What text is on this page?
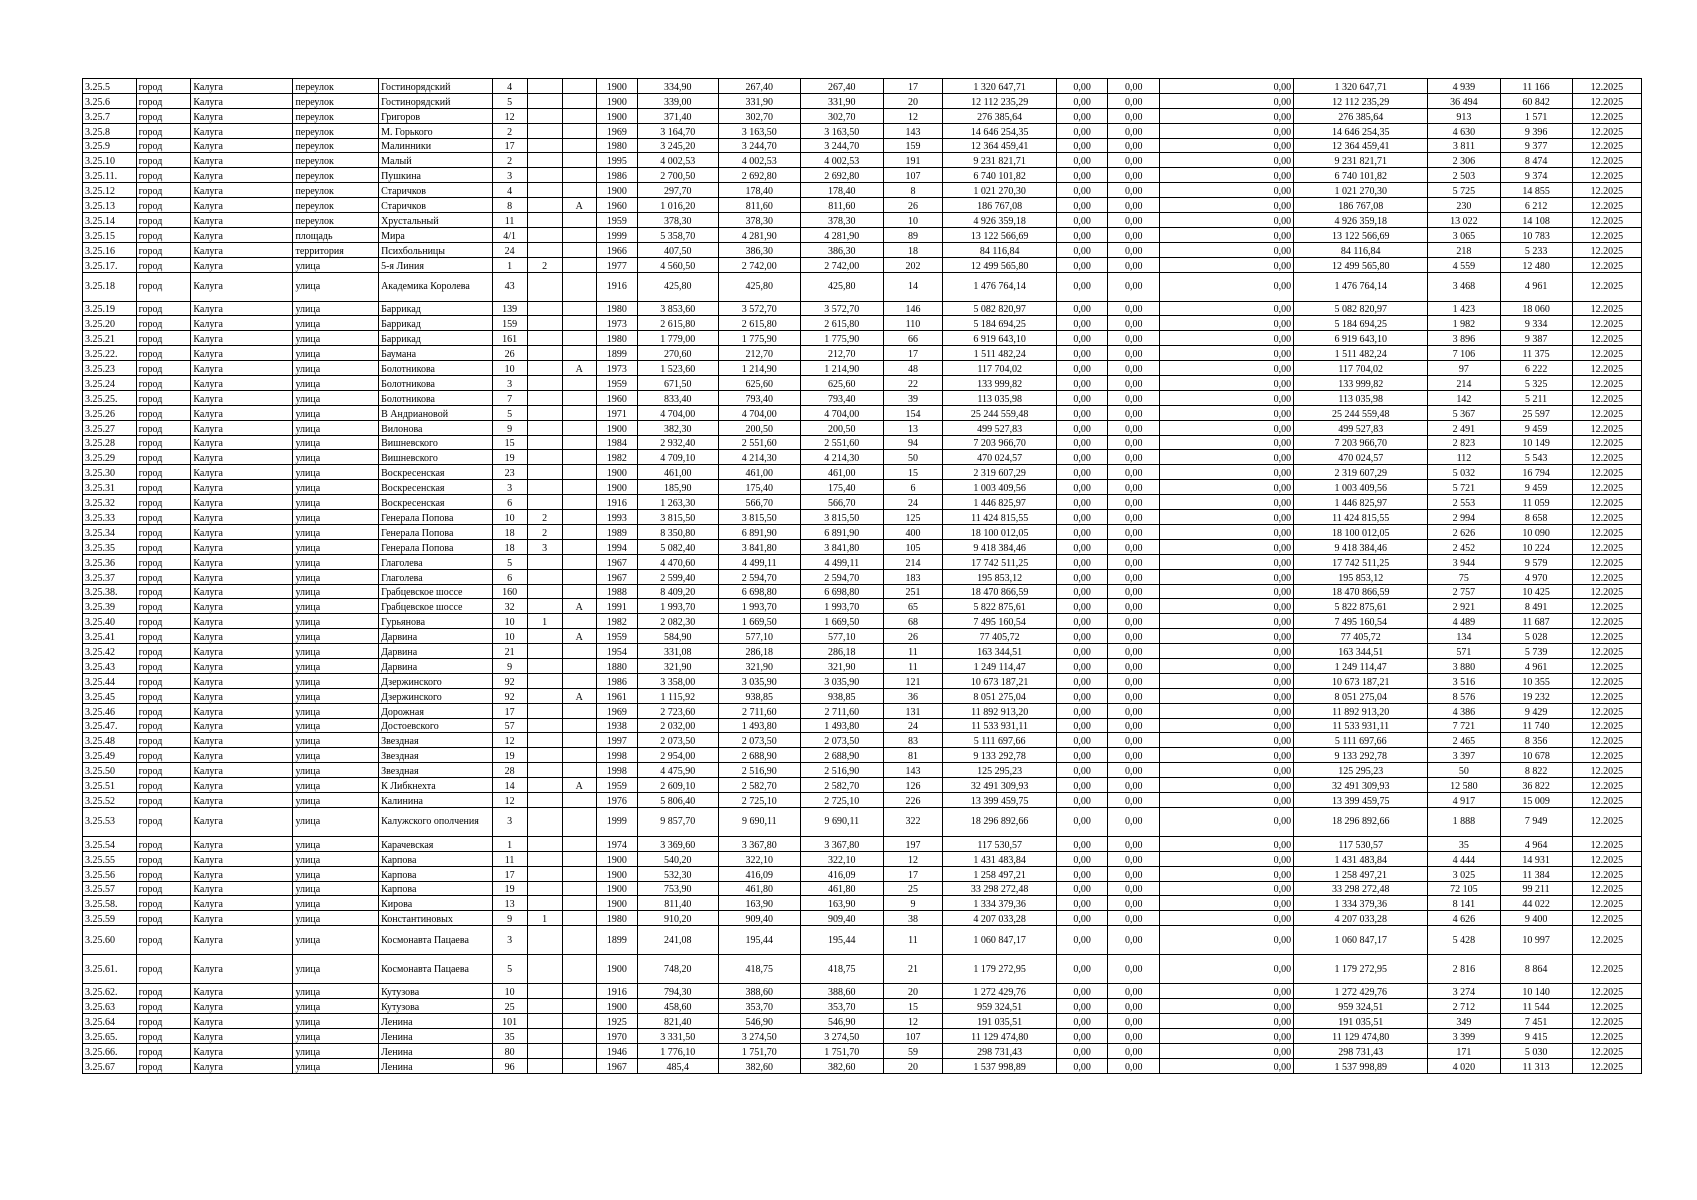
3.25.5	город	Калуга	переулок	Гостинорядский	4			1900	334,90	267,40	267,40	17	1 320 647,71	0,00	0,00	0,00	1 320 647,71	4 939	11 166	12.2025
3.25.6	город	Калуга	переулок	Гостинорядский	5			1900	339,00	331,90	331,90	20	12 112 235,29	0,00	0,00	0,00	12 112 235,29	36 494	60 842	12.2025
3.25.7	город	Калуга	переулок	Григоров	12			1900	371,40	302,70	302,70	12	276 385,64	0,00	0,00	0,00	276 385,64	913	1 571	12.2025
3.25.8	город	Калуга	переулок	М. Горького	2			1969	3 164,70	3 163,50	3 163,50	143	14 646 254,35	0,00	0,00	0,00	14 646 254,35	4 630	9 396	12.2025
3.25.9	город	Калуга	переулок	Малинники	17			1980	3 245,20	3 244,70	3 244,70	159	12 364 459,41	0,00	0,00	0,00	12 364 459,41	3 811	9 377	12.2025
3.25.10	город	Калуга	переулок	Малый	2			1995	4 002,53	4 002,53	4 002,53	191	9 231 821,71	0,00	0,00	0,00	9 231 821,71	2 306	8 474	12.2025
3.25.11.	город	Калуга	переулок	Пушкина	3			1986	2 700,50	2 692,80	2 692,80	107	6 740 101,82	0,00	0,00	0,00	6 740 101,82	2 503	9 374	12.2025
3.25.12	город	Калуга	переулок	Старичков	4			1900	297,70	178,40	178,40	8	1 021 270,30	0,00	0,00	0,00	1 021 270,30	5 725	14 855	12.2025
3.25.13	город	Калуга	переулок	Старичков	8		А	1960	1 016,20	811,60	811,60	26	186 767,08	0,00	0,00	0,00	186 767,08	230	6 212	12.2025
3.25.14	город	Калуга	переулок	Хрустальный	11			1959	378,30	378,30	378,30	10	4 926 359,18	0,00	0,00	0,00	4 926 359,18	13 022	14 108	12.2025
3.25.15	город	Калуга	площадь	Мира	4/1			1999	5 358,70	4 281,90	4 281,90	89	13 122 566,69	0,00	0,00	0,00	13 122 566,69	3 065	10 783	12.2025
3.25.16	город	Калуга	территория	Психбольницы	24			1966	407,50	386,30	386,30	18	84 116,84	0,00	0,00	0,00	84 116,84	218	5 233	12.2025
3.25.17.	город	Калуга	улица	5-я Линия	1	2		1977	4 560,50	2 742,00	2 742,00	202	12 499 565,80	0,00	0,00	0,00	12 499 565,80	4 559	12 480	12.2025
3.25.18	город	Калуга	улица	Академика Королева	43			1916	425,80	425,80	425,80	14	1 476 764,14	0,00	0,00	0,00	1 476 764,14	3 468	4 961	12.2025
3.25.19	город	Калуга	улица	Баррикад	139			1980	3 853,60	3 572,70	3 572,70	146	5 082 820,97	0,00	0,00	0,00	5 082 820,97	1 423	18 060	12.2025
3.25.20	город	Калуга	улица	Баррикад	159			1973	2 615,80	2 615,80	2 615,80	110	5 184 694,25	0,00	0,00	0,00	5 184 694,25	1 982	9 334	12.2025
3.25.21	город	Калуга	улица	Баррикад	161			1980	1 779,00	1 775,90	1 775,90	66	6 919 643,10	0,00	0,00	0,00	6 919 643,10	3 896	9 387	12.2025
3.25.22.	город	Калуга	улица	Баумана	26			1899	270,60	212,70	212,70	17	1 511 482,24	0,00	0,00	0,00	1 511 482,24	7 106	11 375	12.2025
3.25.23	город	Калуга	улица	Болотникова	10		А	1973	1 523,60	1 214,90	1 214,90	48	117 704,02	0,00	0,00	0,00	117 704,02	97	6 222	12.2025
3.25.24	город	Калуга	улица	Болотникова	3			1959	671,50	625,60	625,60	22	133 999,82	0,00	0,00	0,00	133 999,82	214	5 325	12.2025
3.25.25.	город	Калуга	улица	Болотникова	7			1960	833,40	793,40	793,40	39	113 035,98	0,00	0,00	0,00	113 035,98	142	5 211	12.2025
3.25.26	город	Калуга	улица	В Андриановой	5			1971	4 704,00	4 704,00	4 704,00	154	25 244 559,48	0,00	0,00	0,00	25 244 559,48	5 367	25 597	12.2025
3.25.27	город	Калуга	улица	Вилонова	9			1900	382,30	200,50	200,50	13	499 527,83	0,00	0,00	0,00	499 527,83	2 491	9 459	12.2025
3.25.28	город	Калуга	улица	Вишневского	15			1984	2 932,40	2 551,60	2 551,60	94	7 203 966,70	0,00	0,00	0,00	7 203 966,70	2 823	10 149	12.2025
3.25.29	город	Калуга	улица	Вишневского	19			1982	4 709,10	4 214,30	4 214,30	50	470 024,57	0,00	0,00	0,00	470 024,57	112	5 543	12.2025
3.25.30	город	Калуга	улица	Воскресенская	23			1900	461,00	461,00	461,00	15	2 319 607,29	0,00	0,00	0,00	2 319 607,29	5 032	16 794	12.2025
3.25.31	город	Калуга	улица	Воскресенская	3			1900	185,90	175,40	175,40	6	1 003 409,56	0,00	0,00	0,00	1 003 409,56	5 721	9 459	12.2025
3.25.32	город	Калуга	улица	Воскресенская	6			1916	1 263,30	566,70	566,70	24	1 446 825,97	0,00	0,00	0,00	1 446 825,97	2 553	11 059	12.2025
3.25.33	город	Калуга	улица	Генерала Попова	10	2		1993	3 815,50	3 815,50	3 815,50	125	11 424 815,55	0,00	0,00	0,00	11 424 815,55	2 994	8 658	12.2025
3.25.34	город	Калуга	улица	Генерала Попова	18	2		1989	8 350,80	6 891,90	6 891,90	400	18 100 012,05	0,00	0,00	0,00	18 100 012,05	2 626	10 090	12.2025
3.25.35	город	Калуга	улица	Генерала Попова	18	3		1994	5 082,40	3 841,80	3 841,80	105	9 418 384,46	0,00	0,00	0,00	9 418 384,46	2 452	10 224	12.2025
3.25.36	город	Калуга	улица	Глаголева	5			1967	4 470,60	4 499,11	4 499,11	214	17 742 511,25	0,00	0,00	0,00	17 742 511,25	3 944	9 579	12.2025
3.25.37	город	Калуга	улица	Глаголева	6			1967	2 599,40	2 594,70	2 594,70	183	195 853,12	0,00	0,00	0,00	195 853,12	75	4 970	12.2025
3.25.38.	город	Калуга	улица	Грабцевское шоссе	160			1988	8 409,20	6 698,80	6 698,80	251	18 470 866,59	0,00	0,00	0,00	18 470 866,59	2 757	10 425	12.2025
3.25.39	город	Калуга	улица	Грабцевское шоссе	32		А	1991	1 993,70	1 993,70	1 993,70	65	5 822 875,61	0,00	0,00	0,00	5 822 875,61	2 921	8 491	12.2025
3.25.40	город	Калуга	улица	Гурьянова	10	1		1982	2 082,30	1 669,50	1 669,50	68	7 495 160,54	0,00	0,00	0,00	7 495 160,54	4 489	11 687	12.2025
3.25.41	город	Калуга	улица	Дарвина	10		А	1959	584,90	577,10	577,10	26	77 405,72	0,00	0,00	0,00	77 405,72	134	5 028	12.2025
3.25.42	город	Калуга	улица	Дарвина	21			1954	331,08	286,18	286,18	11	163 344,51	0,00	0,00	0,00	163 344,51	571	5 739	12.2025
3.25.43	город	Калуга	улица	Дарвина	9			1880	321,90	321,90	321,90	11	1 249 114,47	0,00	0,00	0,00	1 249 114,47	3 880	4 961	12.2025
3.25.44	город	Калуга	улица	Дзержинского	92			1986	3 358,00	3 035,90	3 035,90	121	10 673 187,21	0,00	0,00	0,00	10 673 187,21	3 516	10 355	12.2025
3.25.45	город	Калуга	улица	Дзержинского	92		А	1961	1 115,92	938,85	938,85	36	8 051 275,04	0,00	0,00	0,00	8 051 275,04	8 576	19 232	12.2025
3.25.46	город	Калуга	улица	Дорожная	17			1969	2 723,60	2 711,60	2 711,60	131	11 892 913,20	0,00	0,00	0,00	11 892 913,20	4 386	9 429	12.2025
3.25.47.	город	Калуга	улица	Достоевского	57			1938	2 032,00	1 493,80	1 493,80	24	11 533 931,11	0,00	0,00	0,00	11 533 931,11	7 721	11 740	12.2025
3.25.48	город	Калуга	улица	Звездная	12			1997	2 073,50	2 073,50	2 073,50	83	5 111 697,66	0,00	0,00	0,00	5 111 697,66	2 465	8 356	12.2025
3.25.49	город	Калуга	улица	Звездная	19			1998	2 954,00	2 688,90	2 688,90	81	9 133 292,78	0,00	0,00	0,00	9 133 292,78	3 397	10 678	12.2025
3.25.50	город	Калуга	улица	Звездная	28			1998	4 475,90	2 516,90	2 516,90	143	125 295,23	0,00	0,00	0,00	125 295,23	50	8 822	12.2025
3.25.51	город	Калуга	улица	К Либкнехта	14		А	1959	2 609,10	2 582,70	2 582,70	126	32 491 309,93	0,00	0,00	0,00	32 491 309,93	12 580	36 822	12.2025
3.25.52	город	Калуга	улица	Калинина	12			1976	5 806,40	2 725,10	2 725,10	226	13 399 459,75	0,00	0,00	0,00	13 399 459,75	4 917	15 009	12.2025
3.25.53	город	Калуга	улица	Калужского ополчения	3			1999	9 857,70	9 690,11	9 690,11	322	18 296 892,66	0,00	0,00	0,00	18 296 892,66	1 888	7 949	12.2025
3.25.54	город	Калуга	улица	Карачевская	1			1974	3 369,60	3 367,80	3 367,80	197	117 530,57	0,00	0,00	0,00	117 530,57	35	4 964	12.2025
3.25.55	город	Калуга	улица	Карпова	11			1900	540,20	322,10	322,10	12	1 431 483,84	0,00	0,00	0,00	1 431 483,84	4 444	14 931	12.2025
3.25.56	город	Калуга	улица	Карпова	17			1900	532,30	416,09	416,09	17	1 258 497,21	0,00	0,00	0,00	1 258 497,21	3 025	11 384	12.2025
3.25.57	город	Калуга	улица	Карпова	19			1900	753,90	461,80	461,80	25	33 298 272,48	0,00	0,00	0,00	33 298 272,48	72 105	99 211	12.2025
3.25.58.	город	Калуга	улица	Кирова	13			1900	811,40	163,90	163,90	9	1 334 379,36	0,00	0,00	0,00	1 334 379,36	8 141	44 022	12.2025
3.25.59	город	Калуга	улица	Константиновых	9	1		1980	910,20	909,40	909,40	38	4 207 033,28	0,00	0,00	0,00	4 207 033,28	4 626	9 400	12.2025
3.25.60	город	Калуга	улица	Космонавта Пацаева	3			1899	241,08	195,44	195,44	11	1 060 847,17	0,00	0,00	0,00	1 060 847,17	5 428	10 997	12.2025
3.25.61.	город	Калуга	улица	Космонавта Пацаева	5			1900	748,20	418,75	418,75	21	1 179 272,95	0,00	0,00	0,00	1 179 272,95	2 816	8 864	12.2025
3.25.62.	город	Калуга	улица	Кутузова	10			1916	794,30	388,60	388,60	20	1 272 429,76	0,00	0,00	0,00	1 272 429,76	3 274	10 140	12.2025
3.25.63	город	Калуга	улица	Кутузова	25			1900	458,60	353,70	353,70	15	959 324,51	0,00	0,00	0,00	959 324,51	2 712	11 544	12.2025
3.25.64	город	Калуга	улица	Ленина	101			1925	821,40	546,90	546,90	12	191 035,51	0,00	0,00	0,00	191 035,51	349	7 451	12.2025
3.25.65.	город	Калуга	улица	Ленина	35			1970	3 331,50	3 274,50	3 274,50	107	11 129 474,80	0,00	0,00	0,00	11 129 474,80	3 399	9 415	12.2025
3.25.66.	город	Калуга	улица	Ленина	80			1946	1 776,10	1 751,70	1 751,70	59	298 731,43	0,00	0,00	0,00	298 731,43	171	5 030	12.2025
3.25.67	город	Калуга	улица	Ленина	96			1967	485,4	382,60	382,60	20	1 537 998,89	0,00	0,00	0,00	1 537 998,89	4 020	11 313	12.2025
